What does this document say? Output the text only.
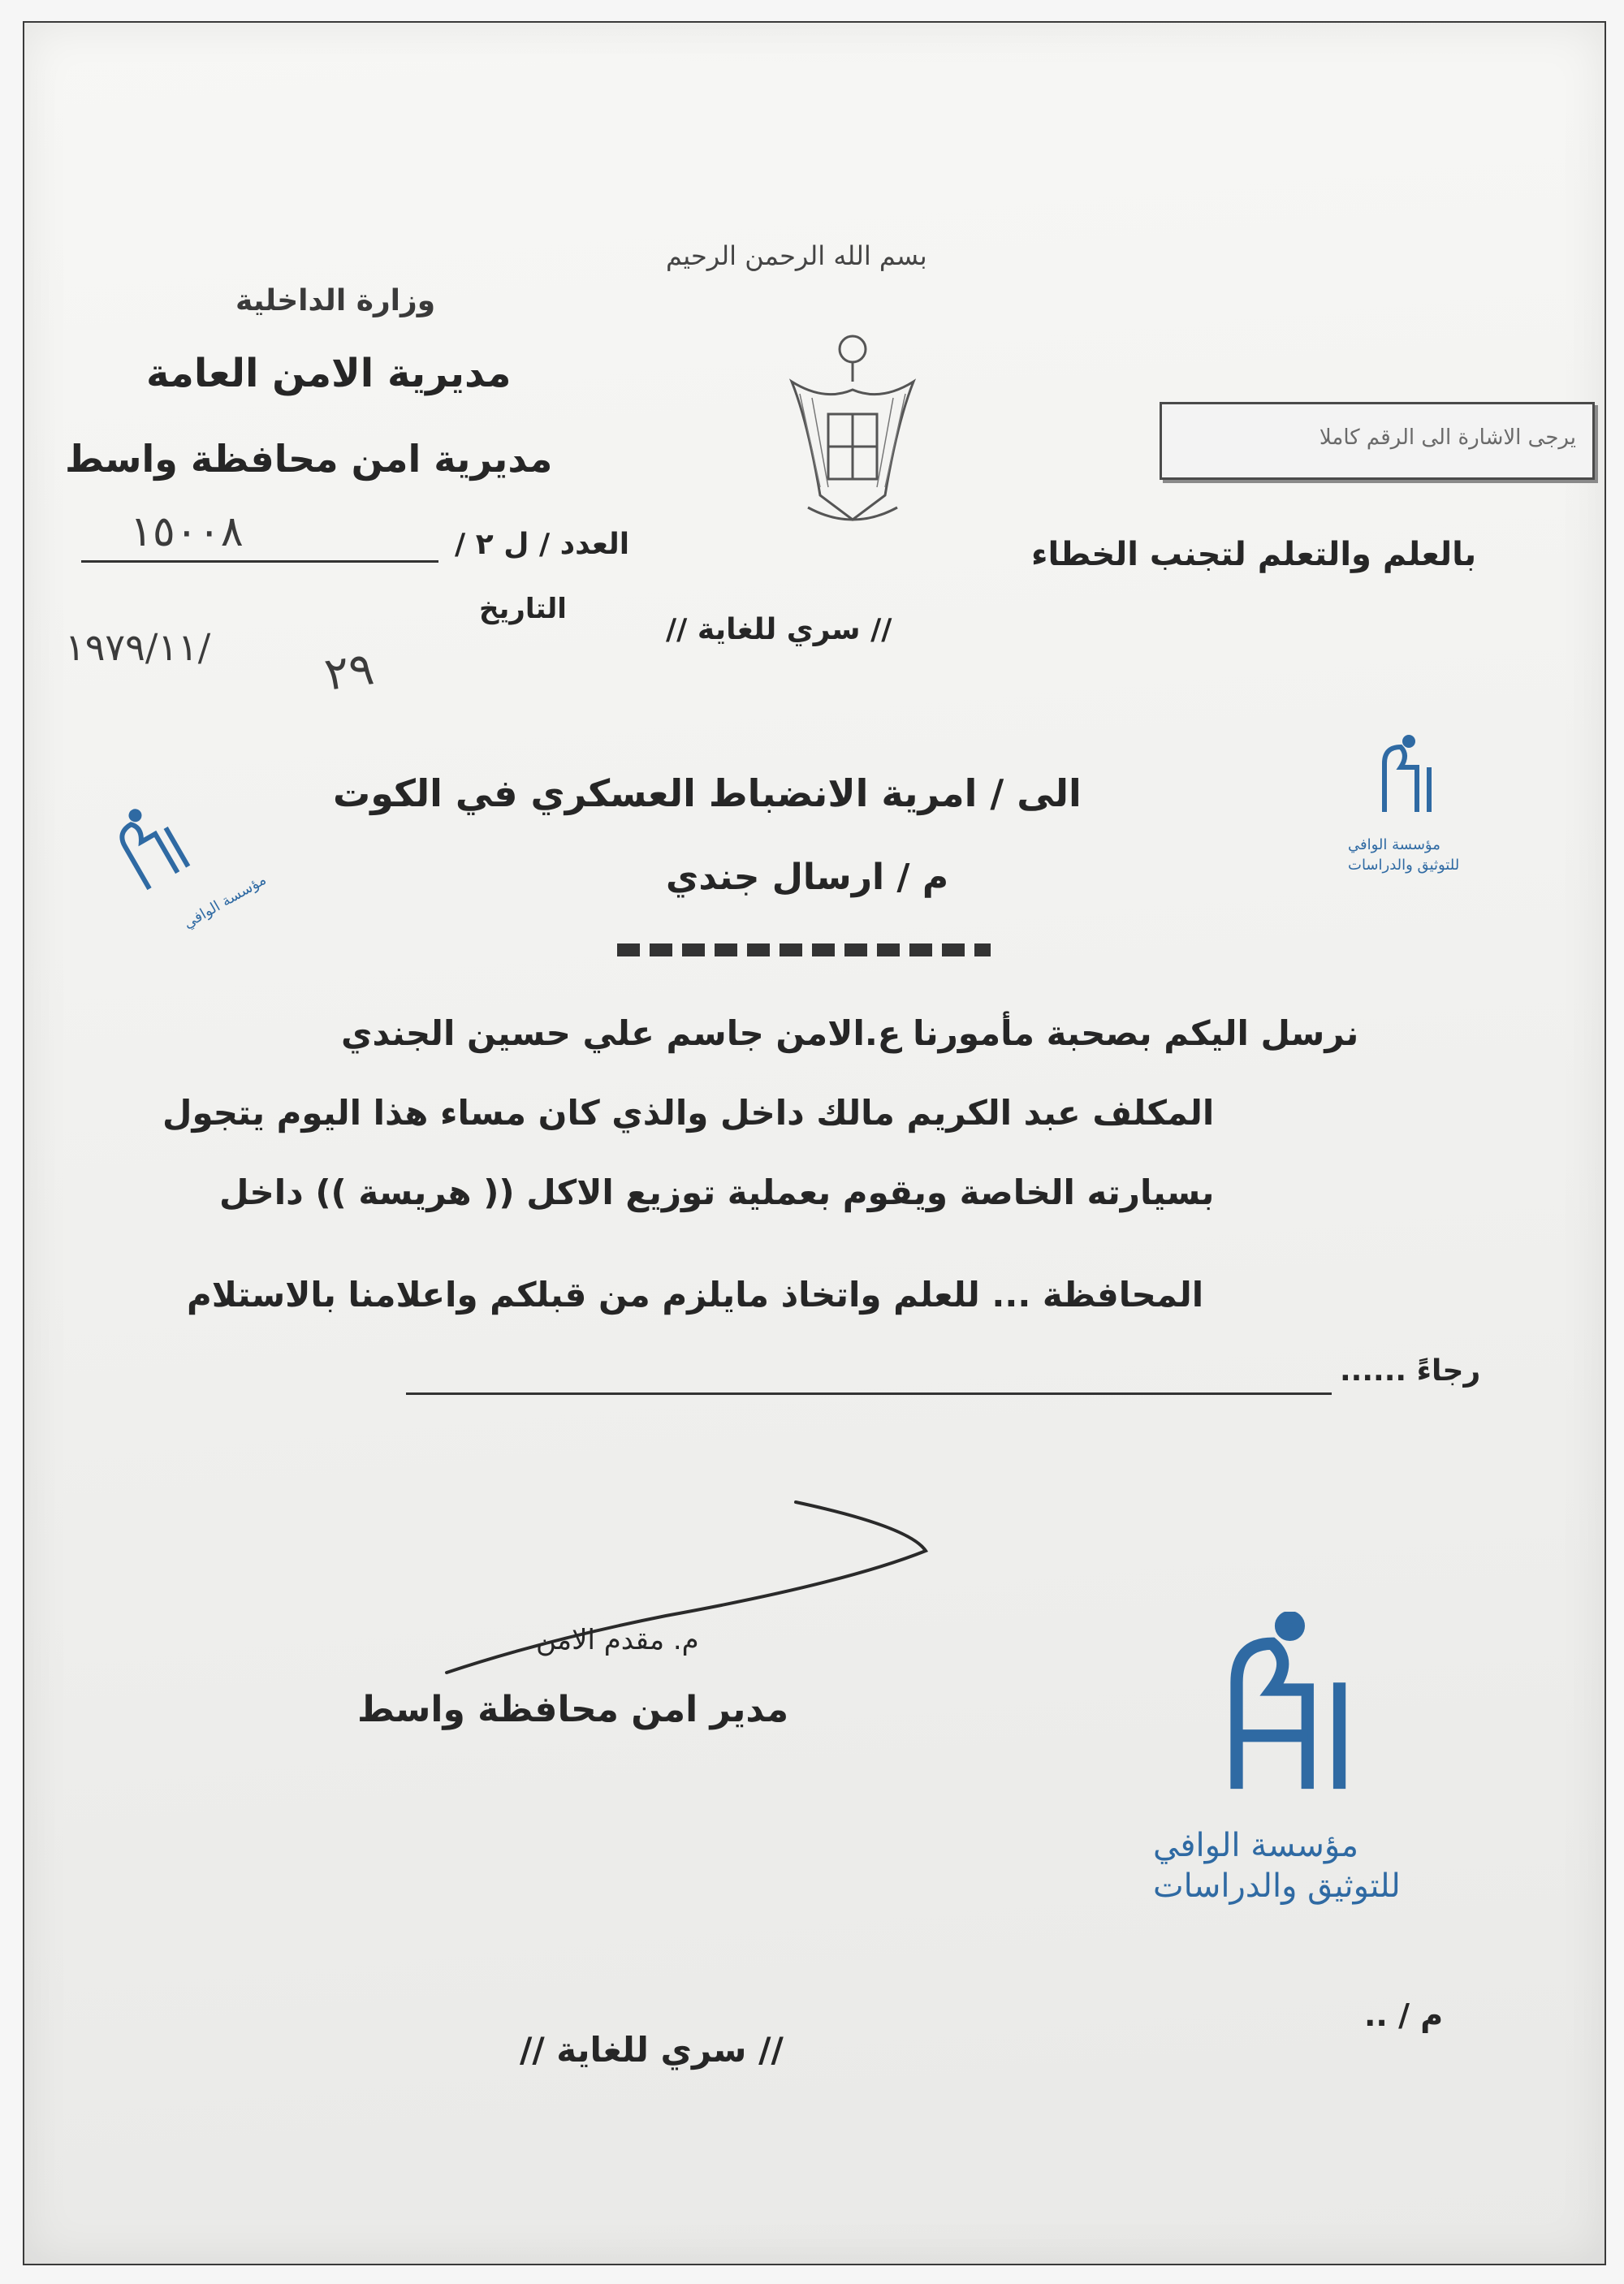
بسم الله الرحمن الرحيم
وزارة الداخلية
مديرية الامن العامة
مديرية امن محافظة واسط	يرجى الاشارة الى الرقم كاملا
العدد / ل ٢ /
١٥٠٠٨
التاريخ
١٩٧٩/١١/ ٢٩
بالعلم والتعلم لتجنب الخطاء
// سري للغاية //
الى / امرية الانضباط العسكري في الكوت
م / ارسال جندي
نرسل اليكم بصحبة مأمورنا ع.الامن جاسم علي حسين الجندي
المكلف عبد الكريم مالك داخل والذي كان مساء هذا اليوم يتجول
بسيارته الخاصة ويقوم بعملية توزيع الاكل (( هريسة )) داخل
المحافظة ... للعلم واتخاذ مايلزم من قبلكم واعلامنا بالاستلام
رجاءً ......
م. مقدم الامن
مدير امن محافظة واسط
م / ..
// سري للغاية //
مؤسسة الوافي
للتوثيق والدراسات
مؤسسة الوافي
مؤسسة الوافي
للتوثيق والدراسات
